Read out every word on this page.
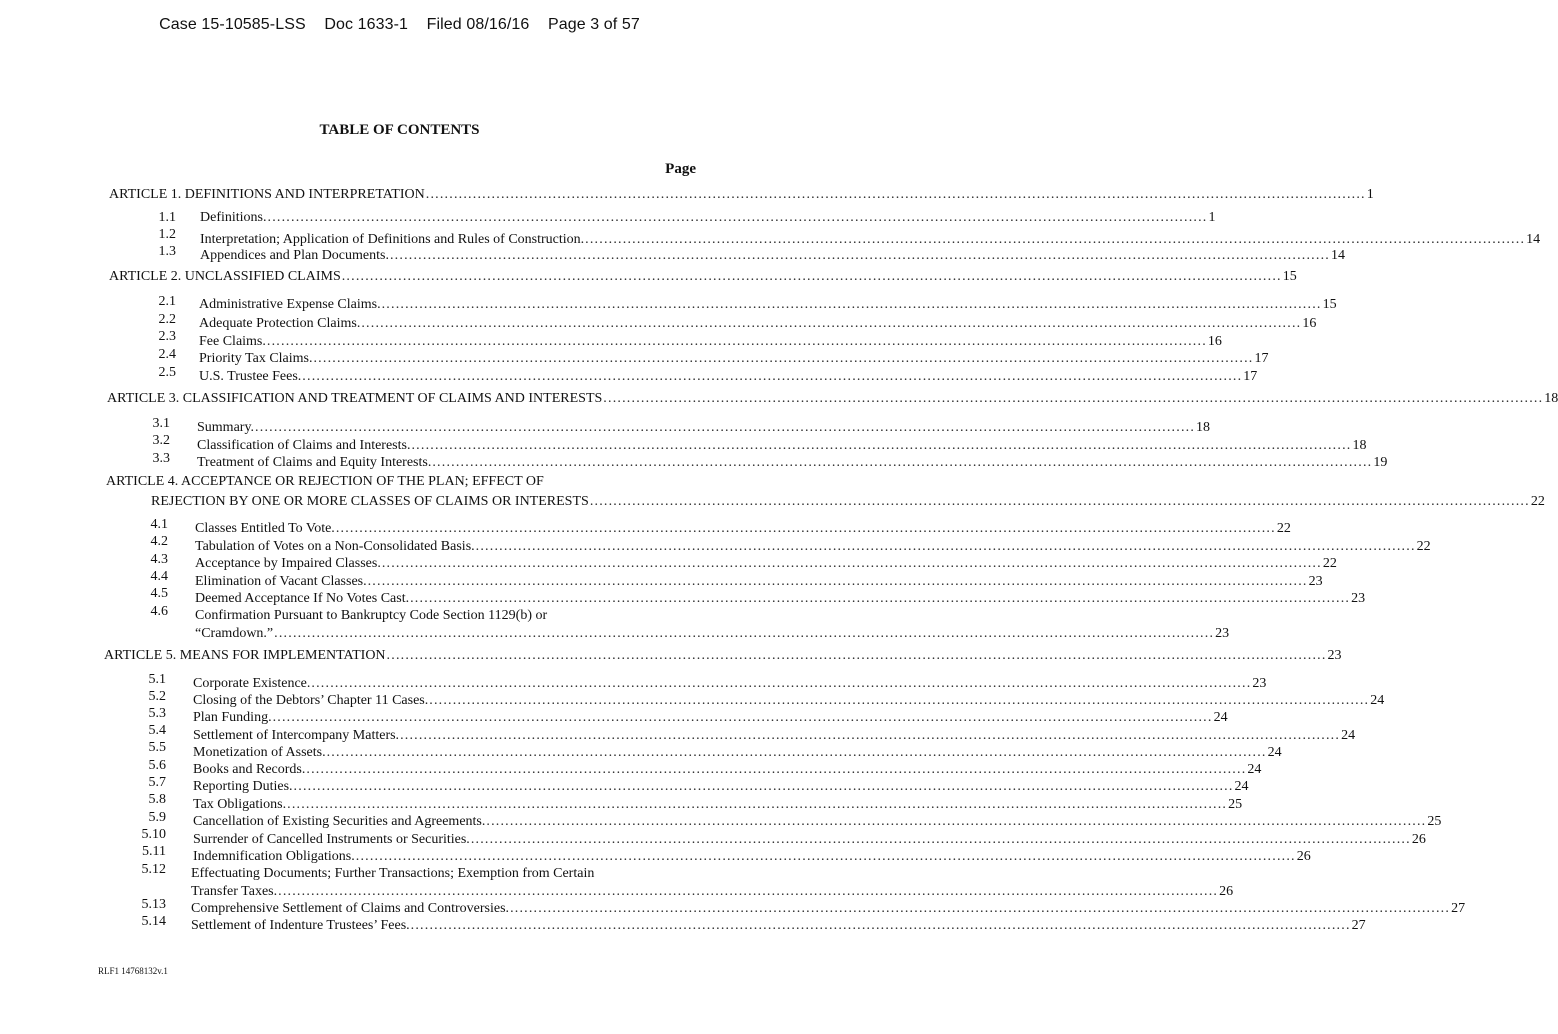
Case 15-10585-LSS Doc 1633-1 Filed 08/16/16 Page 3 of 57
TABLE OF CONTENTS
Page
ARTICLE 1. DEFINITIONS AND INTERPRETATION ........................................................................................................................................................................................................ 1
1.1 Definitions. ........................................................................................................................................................................................................ 1
1.2 Interpretation; Application of Definitions and Rules of Construction. ........................................................................................................................................................................................................ 14
1.3 Appendices and Plan Documents. ........................................................................................................................................................................................................ 14
ARTICLE 2. UNCLASSIFIED CLAIMS ........................................................................................................................................................................................................ 15
2.1 Administrative Expense Claims. ........................................................................................................................................................................................................ 15
2.2 Adequate Protection Claims. ........................................................................................................................................................................................................ 16
2.3 Fee Claims. ........................................................................................................................................................................................................ 16
2.4 Priority Tax Claims. ........................................................................................................................................................................................................ 17
2.5 U.S. Trustee Fees. ........................................................................................................................................................................................................ 17
ARTICLE 3. CLASSIFICATION AND TREATMENT OF CLAIMS AND INTERESTS ........................................................................................................................................................................................................ 18
3.1 Summary. ........................................................................................................................................................................................................ 18
3.2 Classification of Claims and Interests. ........................................................................................................................................................................................................ 18
3.3 Treatment of Claims and Equity Interests. ........................................................................................................................................................................................................ 19
ARTICLE 4. ACCEPTANCE OR REJECTION OF THE PLAN; EFFECT OF
REJECTION BY ONE OR MORE CLASSES OF CLAIMS OR INTERESTS ........................................................................................................................................................................................................ 22
4.1 Classes Entitled To Vote. ........................................................................................................................................................................................................ 22
4.2 Tabulation of Votes on a Non-Consolidated Basis. ........................................................................................................................................................................................................ 22
4.3 Acceptance by Impaired Classes. ........................................................................................................................................................................................................ 22
4.4 Elimination of Vacant Classes. ........................................................................................................................................................................................................ 23
4.5 Deemed Acceptance If No Votes Cast. ........................................................................................................................................................................................................ 23
4.6 Confirmation Pursuant to Bankruptcy Code Section 1129(b) or
“Cramdown.” ........................................................................................................................................................................................................ 23
ARTICLE 5. MEANS FOR IMPLEMENTATION ........................................................................................................................................................................................................ 23
5.1 Corporate Existence. ........................................................................................................................................................................................................ 23
5.2 Closing of the Debtors’ Chapter 11 Cases. ........................................................................................................................................................................................................ 24
5.3 Plan Funding. ........................................................................................................................................................................................................ 24
5.4 Settlement of Intercompany Matters. ........................................................................................................................................................................................................ 24
5.5 Monetization of Assets. ........................................................................................................................................................................................................ 24
5.6 Books and Records. ........................................................................................................................................................................................................ 24
5.7 Reporting Duties. ........................................................................................................................................................................................................ 24
5.8 Tax Obligations. ........................................................................................................................................................................................................ 25
5.9 Cancellation of Existing Securities and Agreements. ........................................................................................................................................................................................................ 25
5.10 Surrender of Cancelled Instruments or Securities. ........................................................................................................................................................................................................ 26
5.11 Indemnification Obligations. ........................................................................................................................................................................................................ 26
5.12 Effectuating Documents; Further Transactions; Exemption from Certain
Transfer Taxes. ........................................................................................................................................................................................................ 26
5.13 Comprehensive Settlement of Claims and Controversies. ........................................................................................................................................................................................................ 27
5.14 Settlement of Indenture Trustees’ Fees. ........................................................................................................................................................................................................ 27
RLF1 14768132v.1
